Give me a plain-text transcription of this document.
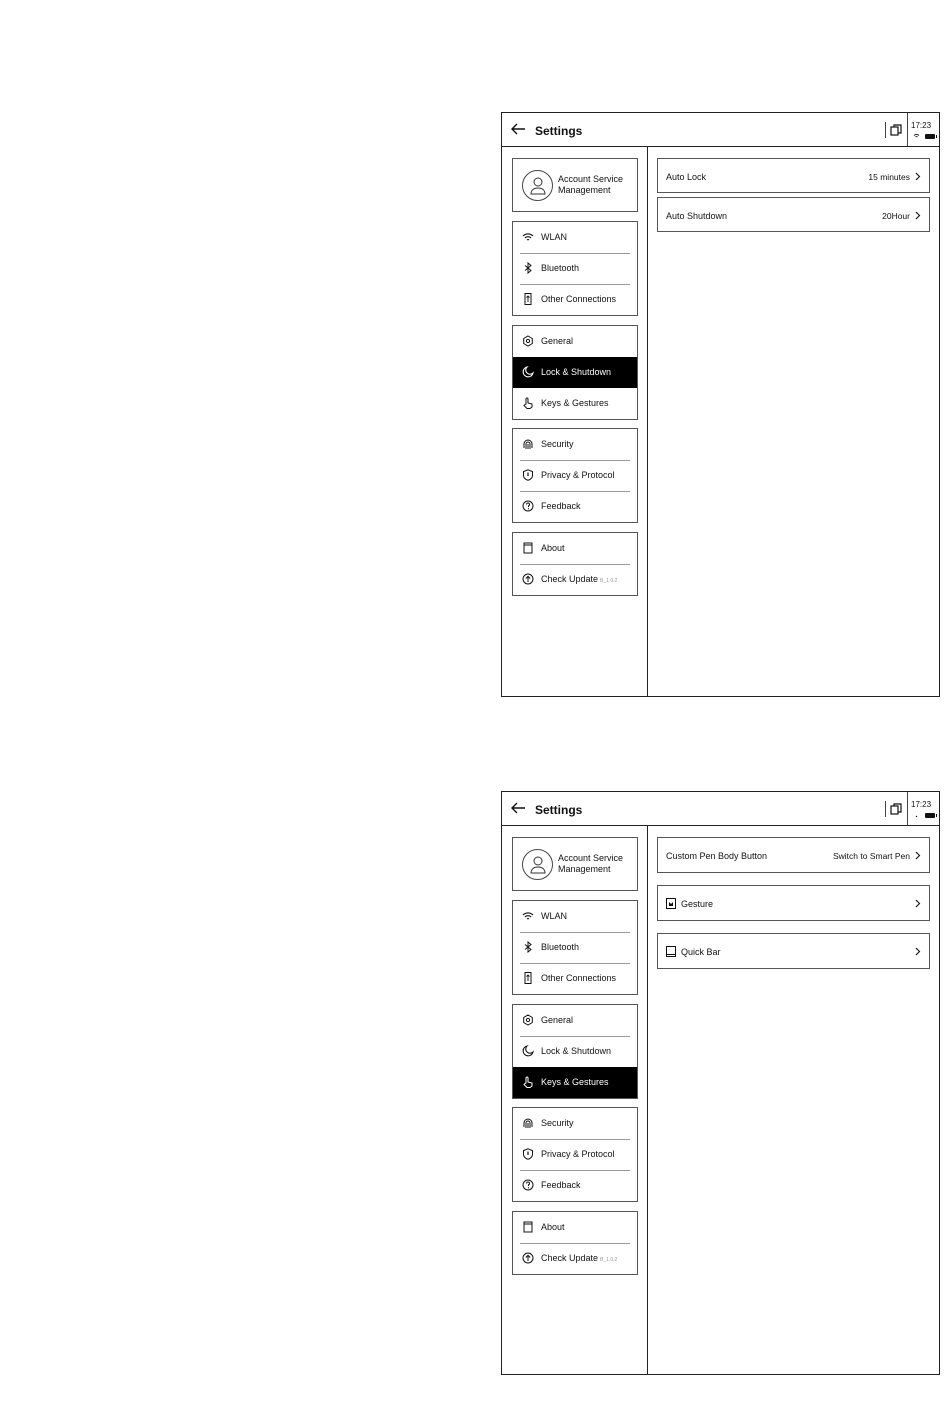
Settings	17:23
Account Service
Management
WLAN
Bluetooth
Other Connections
General
Lock & Shutdown
Keys & Gestures
Security
Privacy & Protocol
Feedback
About
Check Update B_1.0.2
Auto Lock	15 minutes
Auto Shutdown	20Hour
Settings	17:23
Account Service
Management
WLAN
Bluetooth
Other Connections
General
Lock & Shutdown
Keys & Gestures
Security
Privacy & Protocol
Feedback
About
Check Update B_1.0.2
Custom Pen Body Button	Switch to Smart Pen
Gesture
Quick Bar
